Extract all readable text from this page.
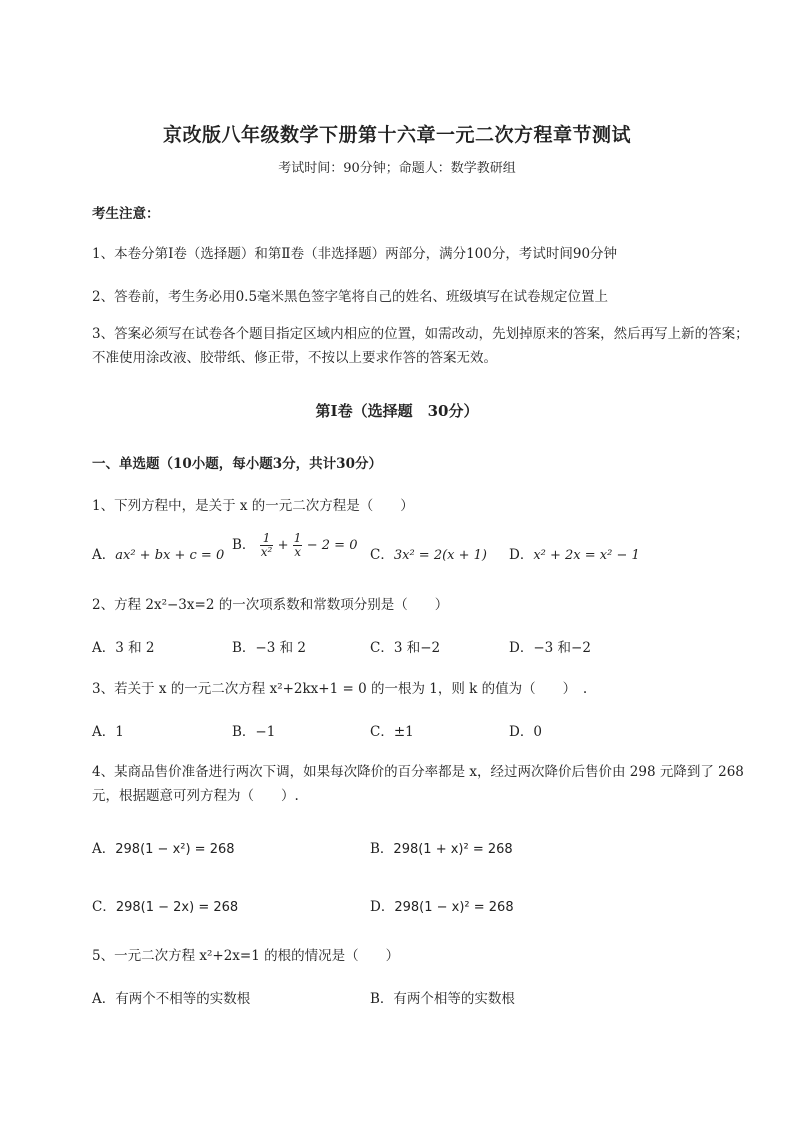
京改版八年级数学下册第十六章一元二次方程章节测试
考试时间：90分钟；命题人：数学教研组
考生注意：
1、本卷分第I卷（选择题）和第Ⅱ卷（非选择题）两部分，满分100分，考试时间90分钟
2、答卷前，考生务必用0.5毫米黑色签字笔将自己的姓名、班级填写在试卷规定位置上
3、答案必须写在试卷各个题目指定区域内相应的位置，如需改动，先划掉原来的答案，然后再写上新的答案；不准使用涂改液、胶带纸、修正带，不按以上要求作答的答案无效。
第I卷（选择题　30分）
一、单选题（10小题，每小题3分，共计30分）
1、下列方程中，是关于 x 的一元二次方程是（　　）
A．ax² + bx + c = 0
B． $\frac{1}{\text{x²}} + \frac{1}{x} - 2 = 0$
C．3x² = 2(x + 1) D．x² + 2x = x² − 1
2、方程 2x²−3x=2 的一次项系数和常数项分别是（　　）
A．3 和 2	B．−3 和 2	C．3 和−2	D．−3 和−2
3、若关于 x 的一元二次方程 x²+2kx+1 = 0 的一根为 1，则 k 的值为（　　）　.
A．1	B．−1	C．±1	D．0
4、某商品售价准备进行两次下调，如果每次降价的百分率都是 x，经过两次降价后售价由 298 元降到了 268 元，根据题意可列方程为（　　）.
A．298(1 − x²) = 268	B．298(1 + x)² = 268
C．298(1 − 2x) = 268	D．298(1 − x)² = 268
5、一元二次方程 x²+2x=1 的根的情况是（　　）
A．有两个不相等的实数根	B．有两个相等的实数根
